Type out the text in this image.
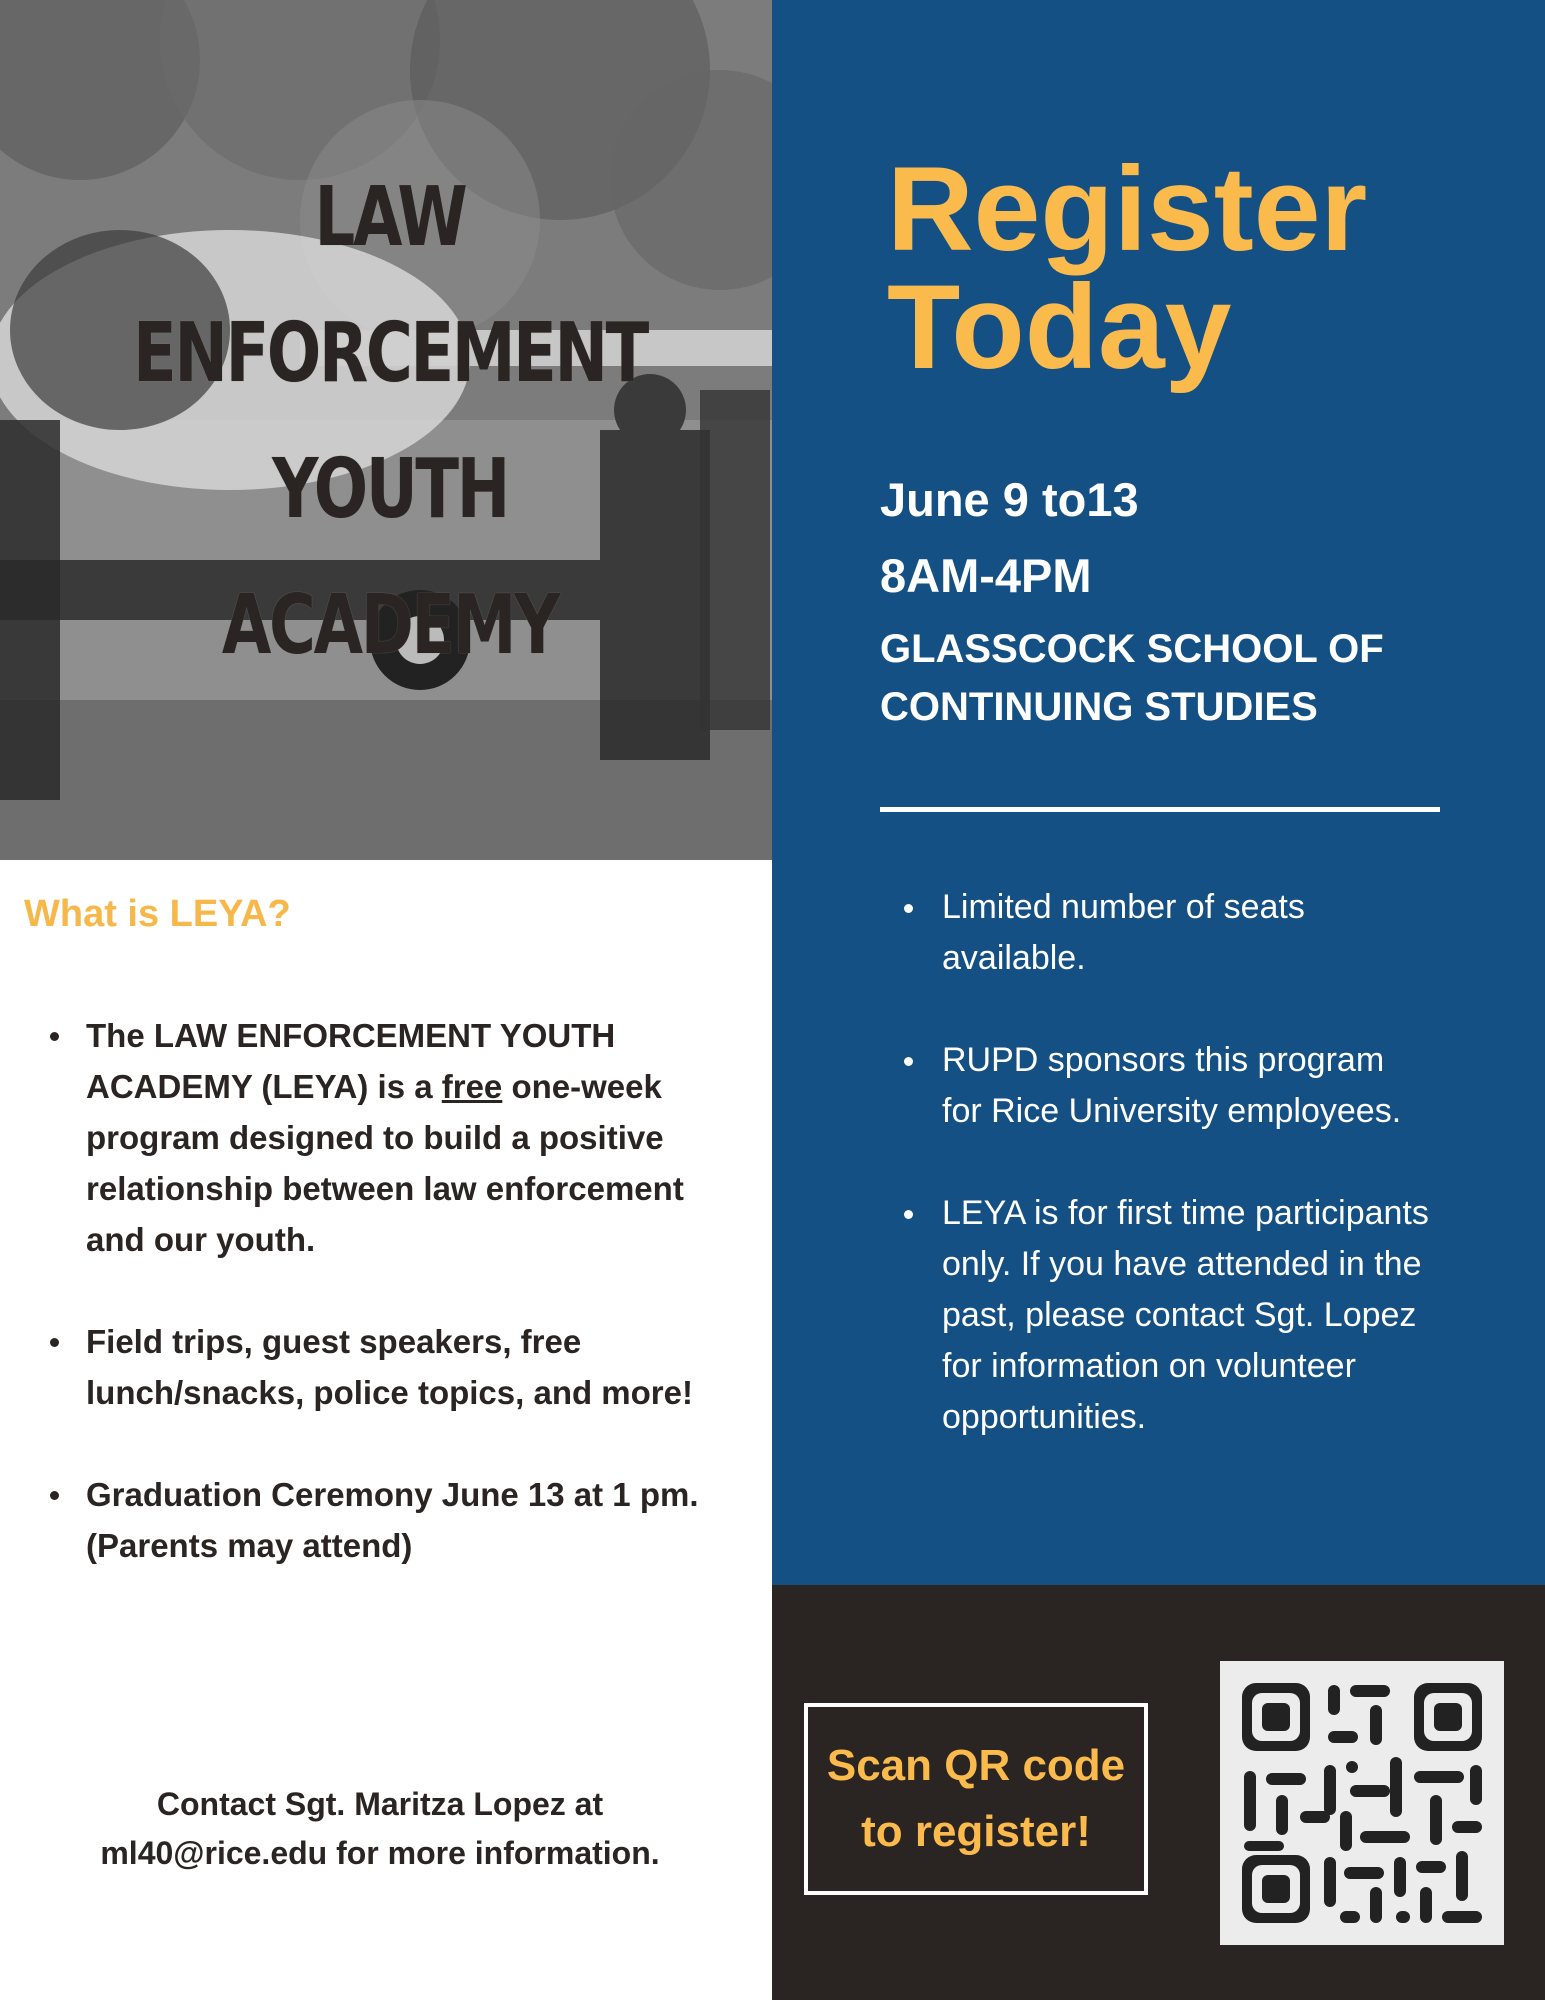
LAW
ENFORCEMENT
YOUTH
ACADEMY
What is LEYA?
The LAW ENFORCEMENT YOUTH ACADEMY (LEYA) is a free one-week program designed to build a positive relationship between law enforcement and our youth.
Field trips, guest speakers, free lunch/snacks, police topics, and more!
Graduation Ceremony June 13 at 1 pm. (Parents may attend)
Contact Sgt. Maritza Lopez at
ml40@rice.edu for more information.
Register
Today
June 9 to13
8AM-4PM
GLASSCOCK SCHOOL OF
CONTINUING STUDIES
Limited number of seats available.
RUPD sponsors this program for Rice University employees.
LEYA is for first time participants only. If you have attended in the past, please contact Sgt. Lopez for information on volunteer opportunities.
Scan QR code
to register!
